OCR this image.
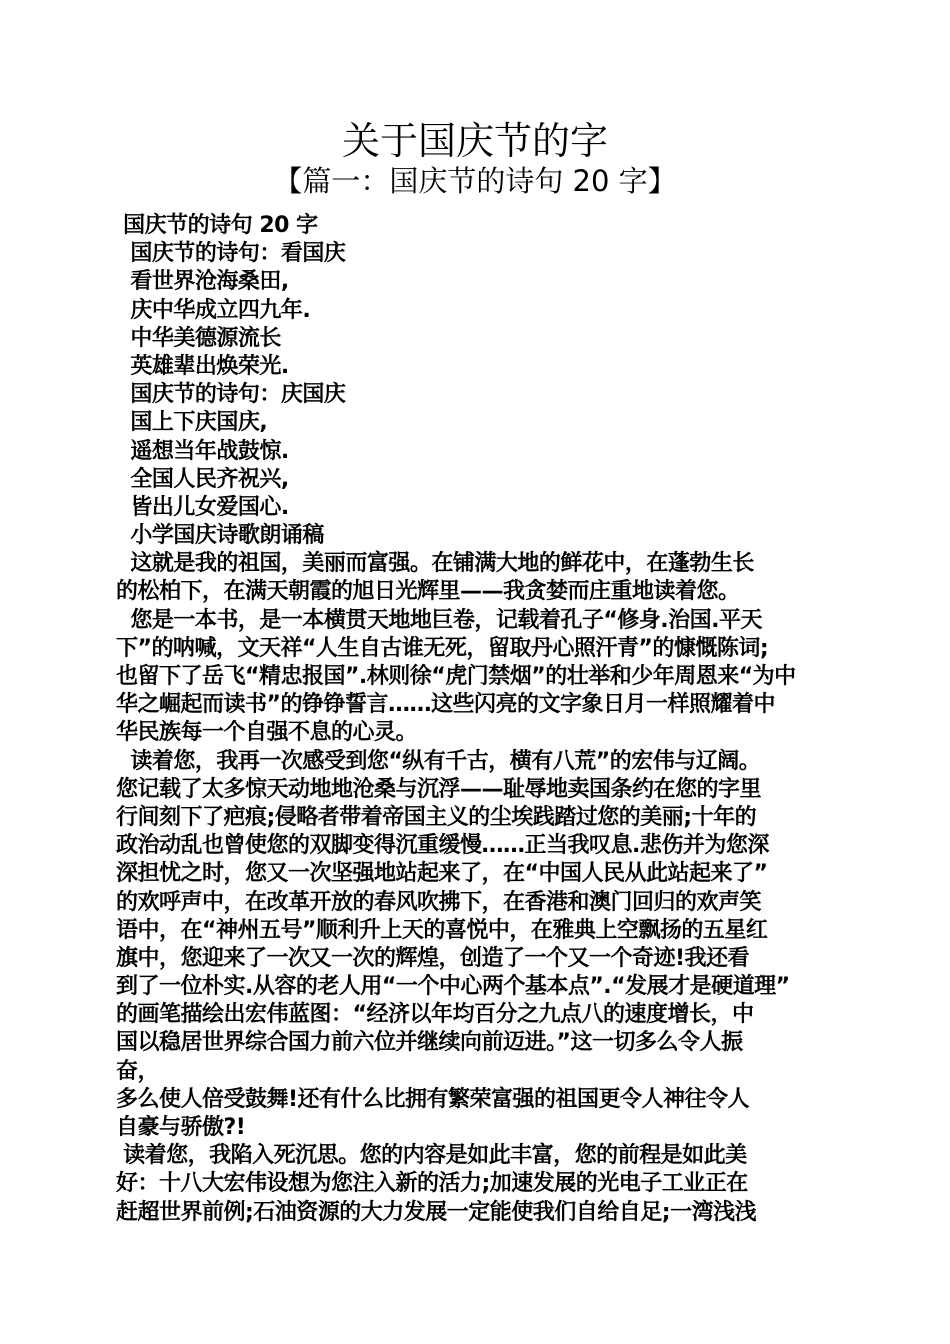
关于国庆节的字
【篇一：国庆节的诗句 20 字】
国庆节的诗句 20 字
国庆节的诗句：看国庆
看世界沧海桑田,
庆中华成立四九年.
中华美德源流长
英雄辈出焕荣光.
国庆节的诗句：庆国庆
国上下庆国庆,
遥想当年战鼓惊.
全国人民齐祝兴,
皆出儿女爱国心.
小学国庆诗歌朗诵稿
这就是我的祖国，美丽而富强。在铺满大地的鲜花中，在蓬勃生长
的松柏下，在满天朝霞的旭日光辉里——我贪婪而庄重地读着您。
您是一本书，是一本横贯天地地巨卷，记载着孔子“修身.治国.平天
下”的呐喊，文天祥“人生自古谁无死，留取丹心照汗青”的慷慨陈词;
也留下了岳飞“精忠报国”.林则徐“虎门禁烟”的壮举和少年周恩来“为中
华之崛起而读书”的铮铮誓言……这些闪亮的文字象日月一样照耀着中
华民族每一个自强不息的心灵。
读着您，我再一次感受到您“纵有千古，横有八荒”的宏伟与辽阔。
您记载了太多惊天动地地沧桑与沉浮——耻辱地卖国条约在您的字里
行间刻下了疤痕;侵略者带着帝国主义的尘埃践踏过您的美丽;十年的
政治动乱也曾使您的双脚变得沉重缓慢……正当我叹息.悲伤并为您深
深担忧之时，您又一次坚强地站起来了，在“中国人民从此站起来了”
的欢呼声中，在改革开放的春风吹拂下，在香港和澳门回归的欢声笑
语中，在“神州五号”顺利升上天的喜悦中，在雅典上空飘扬的五星红
旗中，您迎来了一次又一次的辉煌，创造了一个又一个奇迹!我还看
到了一位朴实.从容的老人用“一个中心两个基本点”.“发展才是硬道理”
的画笔描绘出宏伟蓝图：“经济以年均百分之九点八的速度增长，中
国以稳居世界综合国力前六位并继续向前迈进。”这一切多么令人振
奋，
多么使人倍受鼓舞!还有什么比拥有繁荣富强的祖国更令人神往令人
自豪与骄傲?!
读着您，我陷入死沉思。您的内容是如此丰富，您的前程是如此美
好：十八大宏伟设想为您注入新的活力;加速发展的光电子工业正在
赶超世界前例;石油资源的大力发展一定能使我们自给自足;一湾浅浅
